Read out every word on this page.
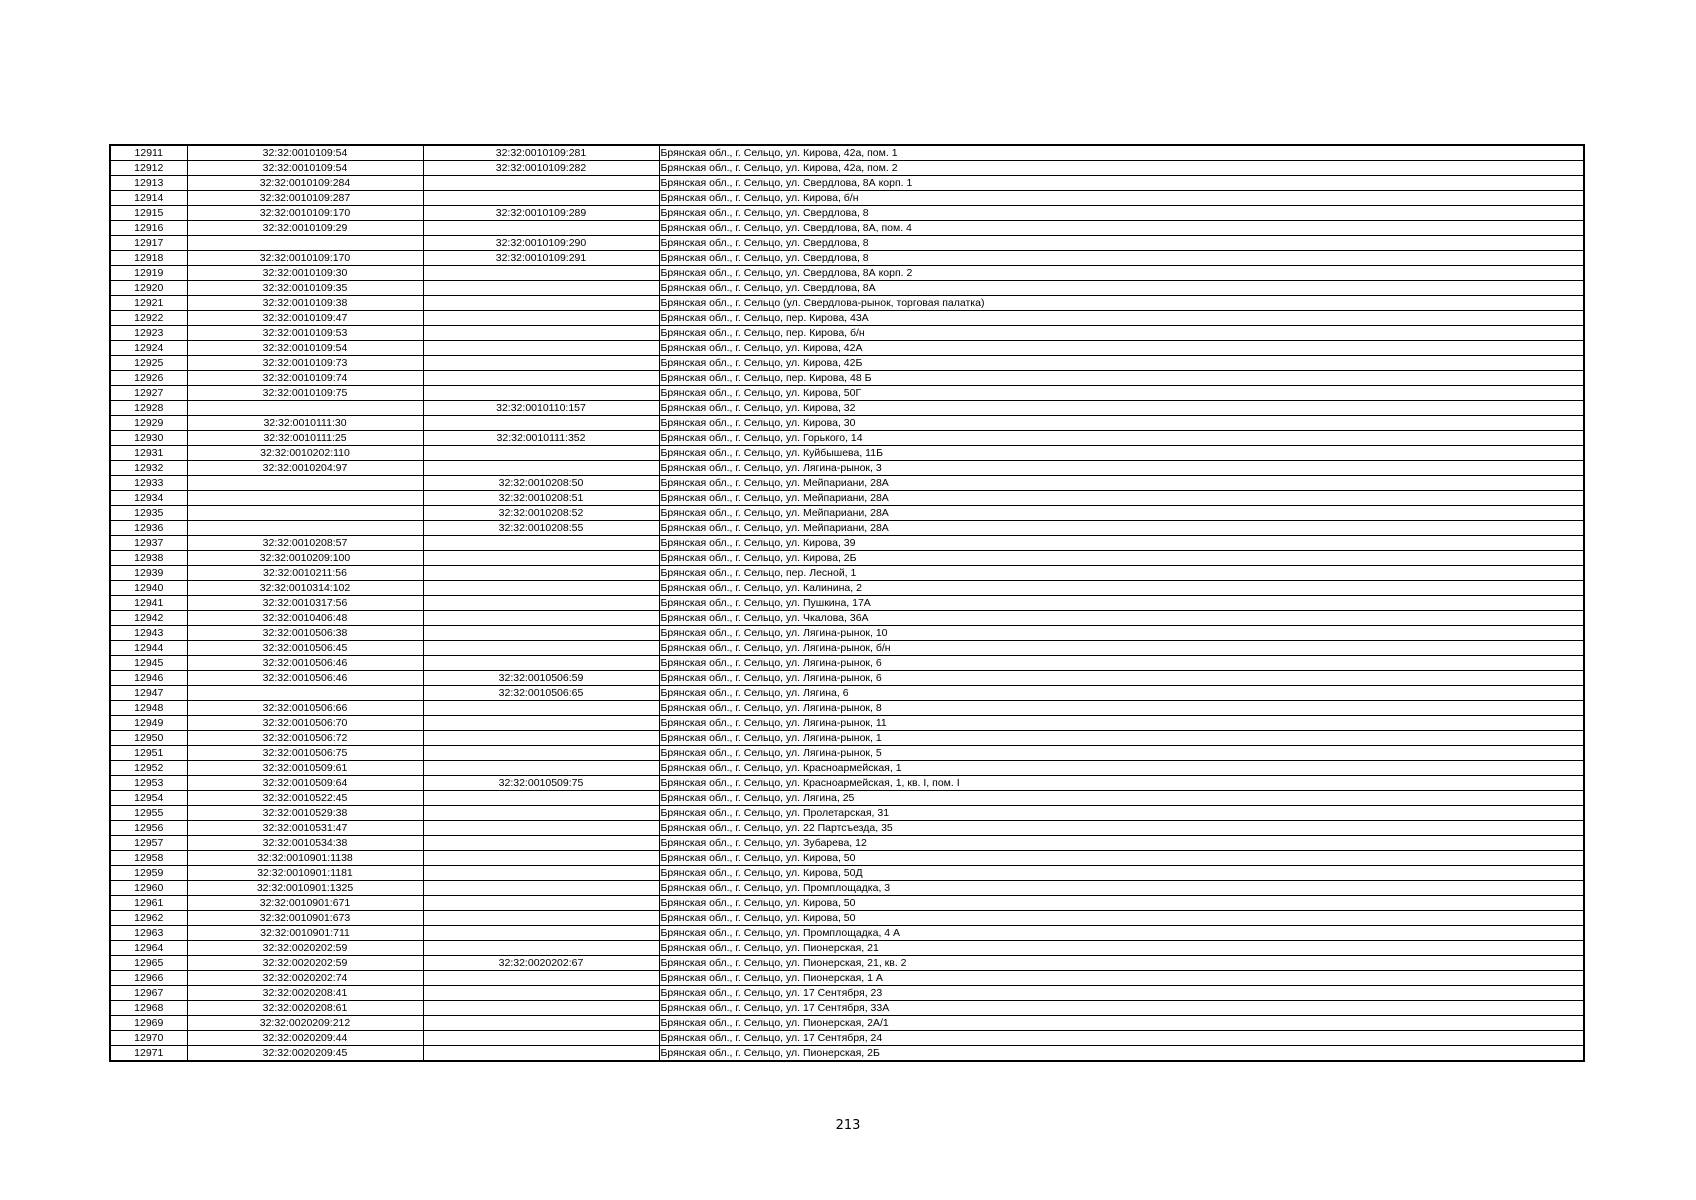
12911	32:32:0010109:54	32:32:0010109:281	Брянская обл., г. Сельцо, ул. Кирова, 42а, пом. 1
12912	32:32:0010109:54	32:32:0010109:282	Брянская обл., г. Сельцо, ул. Кирова, 42а, пом. 2
12913	32:32:0010109:284		Брянская обл., г. Сельцо, ул. Свердлова, 8А корп. 1
12914	32:32:0010109:287		Брянская обл., г. Сельцо, ул. Кирова, б/н
12915	32:32:0010109:170	32:32:0010109:289	Брянская обл., г. Сельцо, ул. Свердлова, 8
12916	32:32:0010109:29		Брянская обл., г. Сельцо, ул. Свердлова, 8А, пом. 4
12917		32:32:0010109:290	Брянская обл., г. Сельцо, ул. Свердлова, 8
12918	32:32:0010109:170	32:32:0010109:291	Брянская обл., г. Сельцо, ул. Свердлова, 8
12919	32:32:0010109:30		Брянская обл., г. Сельцо, ул. Свердлова, 8А корп. 2
12920	32:32:0010109:35		Брянская обл., г. Сельцо, ул. Свердлова, 8А
12921	32:32:0010109:38		Брянская обл., г. Сельцо (ул. Свердлова-рынок, торговая палатка)
12922	32:32:0010109:47		Брянская обл., г. Сельцо, пер. Кирова, 43А
12923	32:32:0010109:53		Брянская обл., г. Сельцо, пер. Кирова, б/н
12924	32:32:0010109:54		Брянская обл., г. Сельцо, ул. Кирова, 42А
12925	32:32:0010109:73		Брянская обл., г. Сельцо, ул. Кирова, 42Б
12926	32:32:0010109:74		Брянская обл., г. Сельцо, пер. Кирова, 48 Б
12927	32:32:0010109:75		Брянская обл., г. Сельцо, ул. Кирова, 50Г
12928		32:32:0010110:157	Брянская обл., г. Сельцо, ул. Кирова, 32
12929	32:32:0010111:30		Брянская обл., г. Сельцо, ул. Кирова, 30
12930	32:32:0010111:25	32:32:0010111:352	Брянская обл., г. Сельцо, ул. Горького, 14
12931	32:32:0010202:110		Брянская обл., г. Сельцо, ул. Куйбышева, 11Б
12932	32:32:0010204:97		Брянская обл., г. Сельцо, ул. Лягина-рынок, 3
12933		32:32:0010208:50	Брянская обл., г. Сельцо, ул. Мейпариани, 28А
12934		32:32:0010208:51	Брянская обл., г. Сельцо, ул. Мейпариани, 28А
12935		32:32:0010208:52	Брянская обл., г. Сельцо, ул. Мейпариани, 28А
12936		32:32:0010208:55	Брянская обл., г. Сельцо, ул. Мейпариани, 28А
12937	32:32:0010208:57		Брянская обл., г. Сельцо, ул. Кирова, 39
12938	32:32:0010209:100		Брянская обл., г. Сельцо, ул. Кирова, 2Б
12939	32:32:0010211:56		Брянская обл., г. Сельцо, пер. Лесной, 1
12940	32:32:0010314:102		Брянская обл., г. Сельцо, ул. Калинина, 2
12941	32:32:0010317:56		Брянская обл., г. Сельцо, ул. Пушкина, 17А
12942	32:32:0010406:48		Брянская обл., г. Сельцо, ул. Чкалова, 36А
12943	32:32:0010506:38		Брянская обл., г. Сельцо, ул. Лягина-рынок, 10
12944	32:32:0010506:45		Брянская обл., г. Сельцо, ул. Лягина-рынок, б/н
12945	32:32:0010506:46		Брянская обл., г. Сельцо, ул. Лягина-рынок, 6
12946	32:32:0010506:46	32:32:0010506:59	Брянская обл., г. Сельцо, ул. Лягина-рынок, 6
12947		32:32:0010506:65	Брянская обл., г. Сельцо, ул. Лягина, 6
12948	32:32:0010506:66		Брянская обл., г. Сельцо, ул. Лягина-рынок, 8
12949	32:32:0010506:70		Брянская обл., г. Сельцо, ул. Лягина-рынок, 11
12950	32:32:0010506:72		Брянская обл., г. Сельцо, ул. Лягина-рынок, 1
12951	32:32:0010506:75		Брянская обл., г. Сельцо, ул. Лягина-рынок, 5
12952	32:32:0010509:61		Брянская обл., г. Сельцо, ул. Красноармейская, 1
12953	32:32:0010509:64	32:32:0010509:75	Брянская обл., г. Сельцо, ул. Красноармейская, 1, кв. I, пом. I
12954	32:32:0010522:45		Брянская обл., г. Сельцо, ул. Лягина, 25
12955	32:32:0010529:38		Брянская обл., г. Сельцо, ул. Пролетарская, 31
12956	32:32:0010531:47		Брянская обл., г. Сельцо, ул. 22 Партсъезда, 35
12957	32:32:0010534:38		Брянская обл., г. Сельцо, ул. Зубарева, 12
12958	32:32:0010901:1138		Брянская обл., г. Сельцо, ул. Кирова, 50
12959	32:32:0010901:1181		Брянская обл., г. Сельцо, ул. Кирова, 50Д
12960	32:32:0010901:1325		Брянская обл., г. Сельцо, ул. Промплощадка, 3
12961	32:32:0010901:671		Брянская обл., г. Сельцо, ул. Кирова, 50
12962	32:32:0010901:673		Брянская обл., г. Сельцо, ул. Кирова, 50
12963	32:32:0010901:711		Брянская обл., г. Сельцо, ул. Промплощадка, 4 А
12964	32:32:0020202:59		Брянская обл., г. Сельцо, ул. Пионерская, 21
12965	32:32:0020202:59	32:32:0020202:67	Брянская обл., г. Сельцо, ул. Пионерская, 21, кв. 2
12966	32:32:0020202:74		Брянская обл., г. Сельцо, ул. Пионерская, 1 А
12967	32:32:0020208:41		Брянская обл., г. Сельцо, ул. 17 Сентября, 23
12968	32:32:0020208:61		Брянская обл., г. Сельцо, ул. 17 Сентября, 33А
12969	32:32:0020209:212		Брянская обл., г. Сельцо, ул. Пионерская, 2А/1
12970	32:32:0020209:44		Брянская обл., г. Сельцо, ул. 17 Сентября, 24
12971	32:32:0020209:45		Брянская обл., г. Сельцо, ул. Пионерская, 2Б
213
